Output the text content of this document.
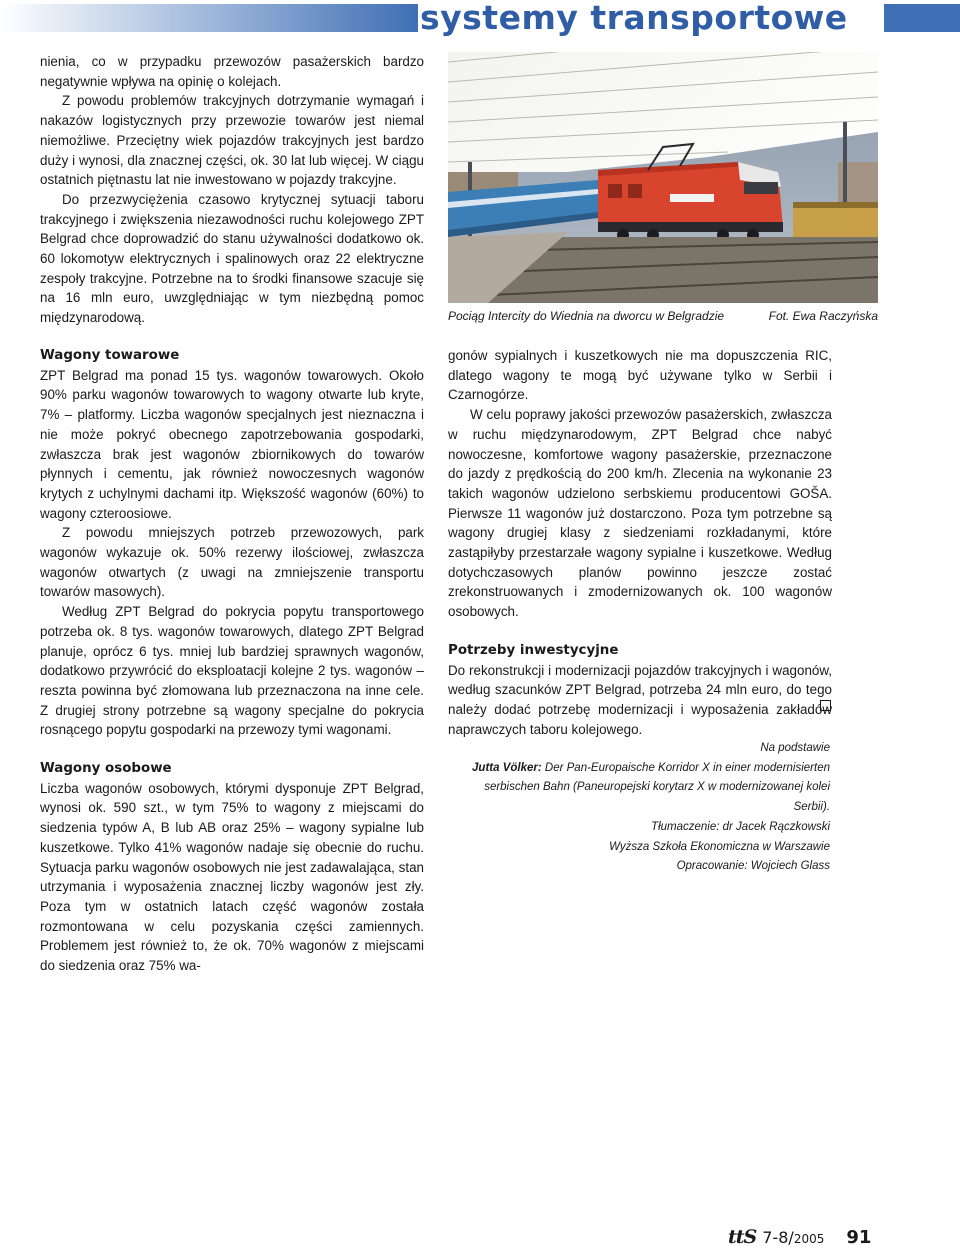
systemy transportowe

nienia, co w przypadku przewozów pasażerskich bardzo negatywnie wpływa na opinię o kolejach.

Z powodu problemów trakcyjnych dotrzymanie wymagań i nakazów logistycznych przy przewozie towarów jest niemal niemożliwe. Przeciętny wiek pojazdów trakcyjnych jest bardzo duży i wynosi, dla znacznej części, ok. 30 lat lub więcej. W ciągu ostatnich piętnastu lat nie inwestowano w pojazdy trakcyjne.

Do przezwyciężenia czasowo krytycznej sytuacji taboru trakcyjnego i zwiększenia niezawodności ruchu kolejowego ZPT Belgrad chce doprowadzić do stanu używalności dodatkowo ok. 60 lokomotyw elektrycznych i spalinowych oraz 22 elektryczne zespoły trakcyjne. Potrzebne na to środki finansowe szacuje się na 16 mln euro, uwzględniając w tym niezbędną pomoc międzynarodową.	Pociąg Intercity do Wiednia na dworcu w Belgradzie	Fot. Ewa Raczyńska
Wagony towarowe

ZPT Belgrad ma ponad 15 tys. wagonów towarowych. Około 90% parku wagonów towarowych to wagony otwarte lub kryte, 7% – platformy. Liczba wagonów specjalnych jest nieznaczna i nie może pokryć obecnego zapotrzebowania gospodarki, zwłaszcza brak jest wagonów zbiornikowych do towarów płynnych i cementu, jak również nowoczesnych wagonów krytych z uchylnymi dachami itp. Większość wagonów (60%) to wagony czteroosiowe.

Z powodu mniejszych potrzeb przewozowych, park wagonów wykazuje ok. 50% rezerwy ilościowej, zwłaszcza wagonów otwartych (z uwagi na zmniejszenie transportu towarów masowych).

Według ZPT Belgrad do pokrycia popytu transportowego potrzeba ok. 8 tys. wagonów towarowych, dlatego ZPT Belgrad planuje, oprócz 6 tys. mniej lub bardziej sprawnych wagonów, dodatkowo przywrócić do eksploatacji kolejne 2 tys. wagonów – reszta powinna być złomowana lub przeznaczona na inne cele. Z drugiej strony potrzebne są wagony specjalne do pokrycia rosnącego popytu gospodarki na przewozy tymi wagonami.

Wagony osobowe

Liczba wagonów osobowych, którymi dysponuje ZPT Belgrad, wynosi ok. 590 szt., w tym 75% to wagony z miejscami do siedzenia typów A, B lub AB oraz 25% – wagony sypialne lub kuszetkowe. Tylko 41% wagonów nadaje się obecnie do ruchu. Sytuacja parku wagonów osobowych nie jest zadawalająca, stan utrzymania i wyposażenia znacznej liczby wagonów jest zły. Poza tym w ostatnich latach część wagonów została rozmontowana w celu pozyskania części zamiennych. Problemem jest również to, że ok. 70% wagonów z miejscami do siedzenia oraz 75% wa-

gonów sypialnych i kuszetkowych nie ma dopuszczenia RIC, dlatego wagony te mogą być używane tylko w Serbii i Czarnogórze.

W celu poprawy jakości przewozów pasażerskich, zwłaszcza w ruchu międzynarodowym, ZPT Belgrad chce nabyć nowoczesne, komfortowe wagony pasażerskie, przeznaczone do jazdy z prędkością do 200 km/h. Zlecenia na wykonanie 23 takich wagonów udzielono serbskiemu producentowi GOŠA. Pierwsze 11 wagonów już dostarczono. Poza tym potrzebne są wagony drugiej klasy z siedzeniami rozkładanymi, które zastąpiłyby przestarzałe wagony sypialne i kuszetkowe. Według dotychczasowych planów powinno jeszcze zostać zrekonstruowanych i zmodernizowanych ok. 100 wagonów osobowych.

Potrzeby inwestycyjne

Do rekonstrukcji i modernizacji pojazdów trakcyjnych i wagonów, według szacunków ZPT Belgrad, potrzeba 24 mln euro, do tego należy dodać potrzebę modernizacji i wyposażenia zakładów naprawczych taboru kolejowego.

Na podstawie
Jutta Völker: Der Pan-Europaische Korridor X in einer modernisierten serbischen Bahn (Paneuropejski korytarz X w modernizowanej kolei Serbii).
Tłumaczenie: dr Jacek Rączkowski
Wyższa Szkoła Ekonomiczna w Warszawie
Opracowanie: Wojciech Glass
ttS 7-8/ 2005 91
